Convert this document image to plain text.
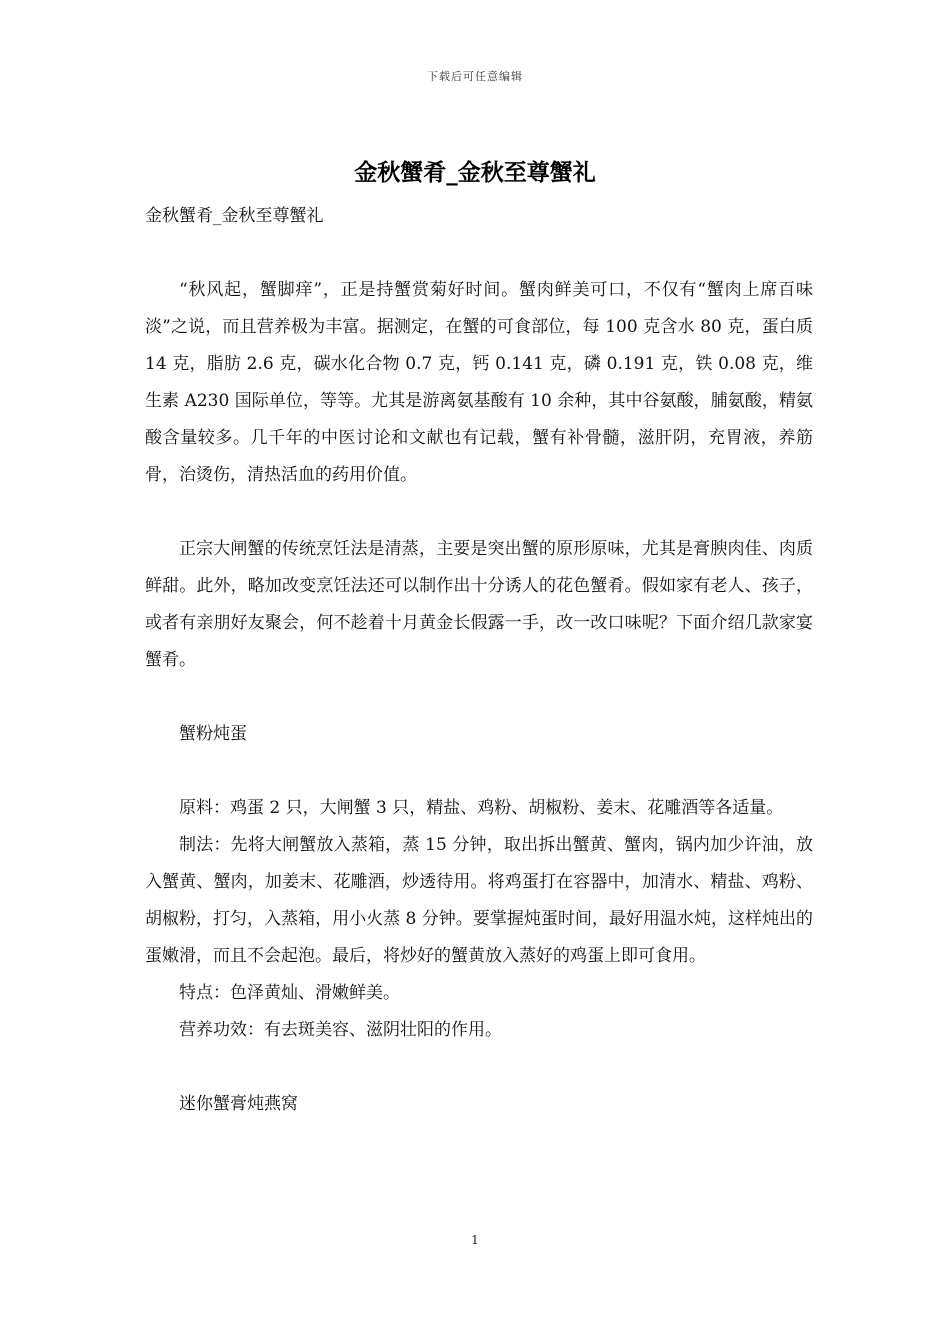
下载后可任意编辑
金秋蟹肴_金秋至尊蟹礼

金秋蟹肴_金秋至尊蟹礼

“秋风起，蟹脚痒”，正是持蟹赏菊好时间。蟹肉鲜美可口，不仅有“蟹肉上席百味淡”之说，而且营养极为丰富。据测定，在蟹的可食部位，每 100 克含水 80 克，蛋白质 14 克，脂肪 2.6 克，碳水化合物 0.7 克，钙 0.141 克，磷 0.191 克，铁 0.08 克，维生素 A230 国际单位，等等。尤其是游离氨基酸有 10 余种，其中谷氨酸，脯氨酸，精氨酸含量较多。几千年的中医讨论和文献也有记载，蟹有补骨髓，滋肝阴，充胃液，养筋骨，治烫伤，清热活血的药用价值。

正宗大闸蟹的传统烹饪法是清蒸，主要是突出蟹的原形原味，尤其是膏腴肉佳、肉质鲜甜。此外，略加改变烹饪法还可以制作出十分诱人的花色蟹肴。假如家有老人、孩子，或者有亲朋好友聚会，何不趁着十月黄金长假露一手，改一改口味呢？下面介绍几款家宴蟹肴。

蟹粉炖蛋

原料：鸡蛋 2 只，大闸蟹 3 只，精盐、鸡粉、胡椒粉、姜末、花雕酒等各适量。

制法：先将大闸蟹放入蒸箱，蒸 15 分钟，取出拆出蟹黄、蟹肉，锅内加少许油，放入蟹黄、蟹肉，加姜末、花雕酒，炒透待用。将鸡蛋打在容器中，加清水、精盐、鸡粉、胡椒粉，打匀，入蒸箱，用小火蒸 8 分钟。要掌握炖蛋时间，最好用温水炖，这样炖出的蛋嫩滑，而且不会起泡。最后，将炒好的蟹黄放入蒸好的鸡蛋上即可食用。

特点：色泽黄灿、滑嫩鲜美。

营养功效：有去斑美容、滋阴壮阳的作用。

迷你蟹膏炖燕窝

1
